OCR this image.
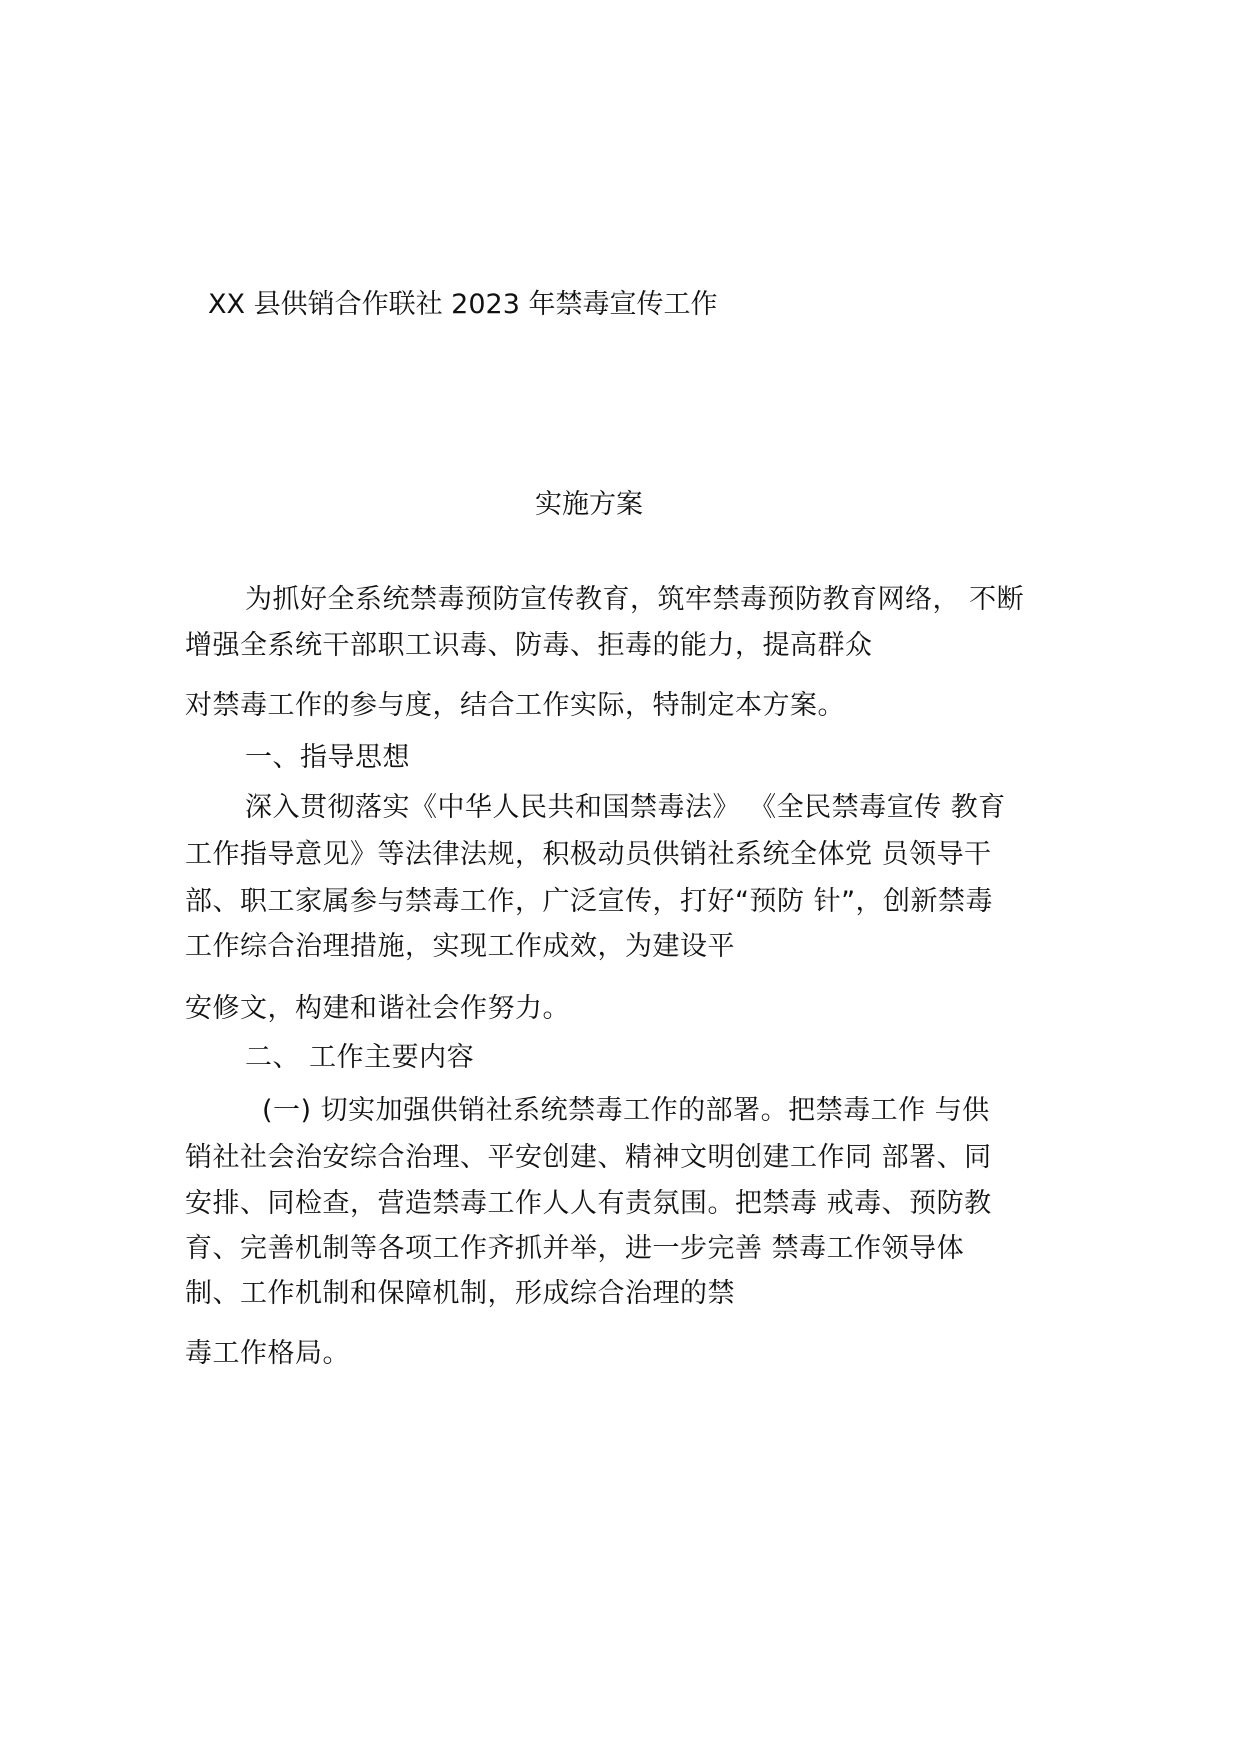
XX 县供销合作联社 2023 年禁毒宣传工作
实施方案
为抓好全系统禁毒预防宣传教育，筑牢禁毒预防教育网络， 不断
增强全系统干部职工识毒、防毒、拒毒的能力，提高群众
对禁毒工作的参与度，结合工作实际，特制定本方案。
一、指导思想
深入贯彻落实《中华人民共和国禁毒法》 《全民禁毒宣传 教育
工作指导意见》等法律法规，积极动员供销社系统全体党 员领导干
部、职工家属参与禁毒工作，广泛宣传，打好“预防 针”，创新禁毒
工作综合治理措施，实现工作成效，为建设平
安修文，构建和谐社会作努力。
二、 工作主要内容
(一) 切实加强供销社系统禁毒工作的部署。把禁毒工作 与供
销社社会治安综合治理、平安创建、精神文明创建工作同 部署、同
安排、同检查，营造禁毒工作人人有责氛围。把禁毒 戒毒、预防教
育、完善机制等各项工作齐抓并举，进一步完善 禁毒工作领导体
制、工作机制和保障机制，形成综合治理的禁
毒工作格局。
